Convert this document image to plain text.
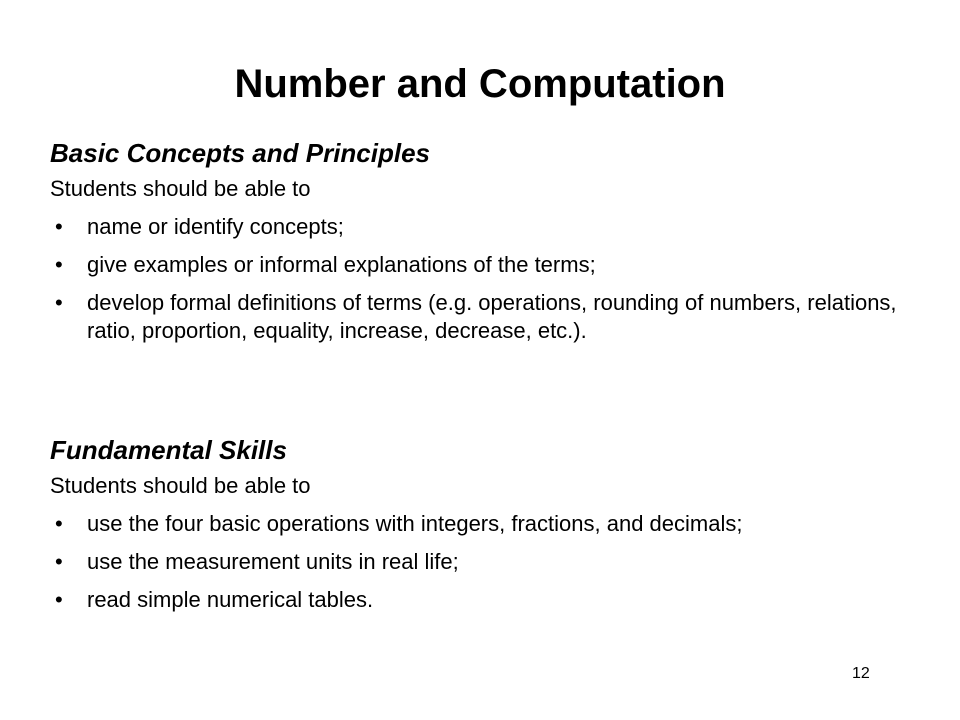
Number and Computation
Basic Concepts and Principles

Students should be able to

• name or identify concepts;
• give examples or informal explanations of the terms;
• develop formal definitions of terms (e.g. operations, rounding of numbers, relations, ratio, proportion, equality, increase, decrease, etc.).
Fundamental Skills

Students should be able to

• use the four basic operations with integers, fractions, and decimals;
• use the measurement units in real life;
• read simple numerical tables.
12
